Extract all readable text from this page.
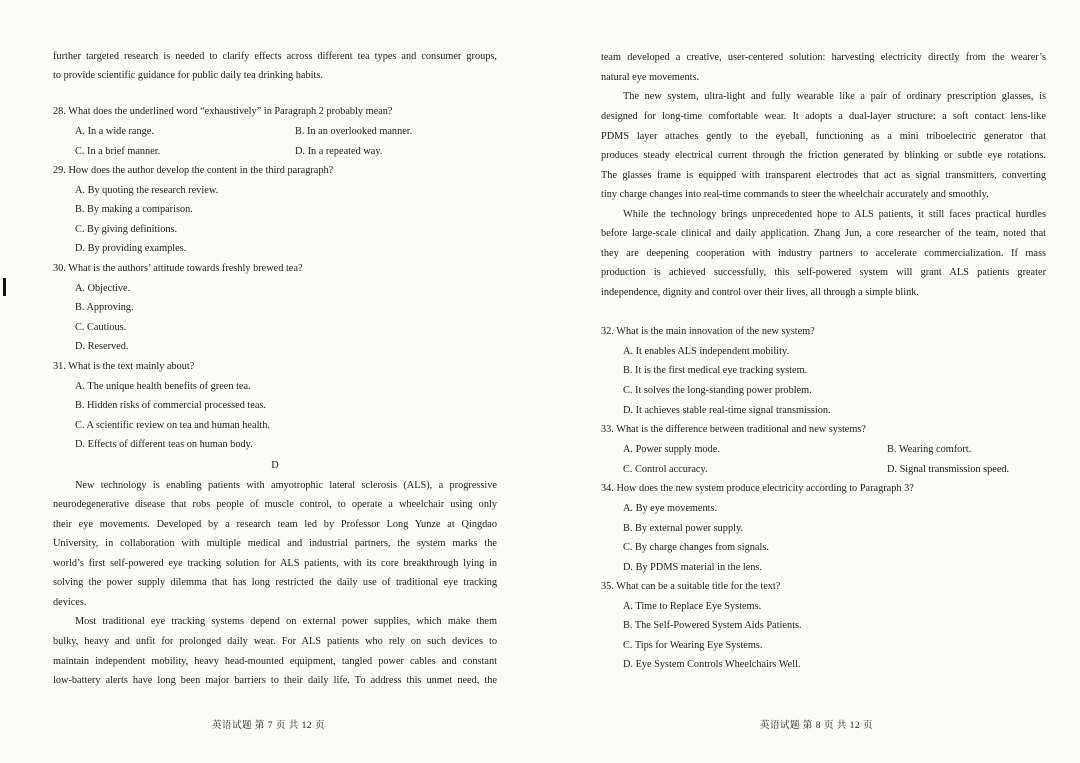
further targeted research is needed to clarify effects across different tea types and consumer groups,
to provide scientific guidance for public daily tea drinking habits.
28. What does the underlined word “exhaustively” in Paragraph 2 probably mean?
A. In a wide range.	B. In an overlooked manner.
C. In a brief manner.	D. In a repeated way.
29. How does the author develop the content in the third paragraph?
A. By quoting the research review.
B. By making a comparison.
C. By giving definitions.
D. By providing examples.
30. What is the authors’ attitude towards freshly brewed tea?
A. Objective.
B. Approving.
C. Cautious.
D. Reserved.
31. What is the text mainly about?
A. The unique health benefits of green tea.
B. Hidden risks of commercial processed teas.
C. A scientific review on tea and human health.
D. Effects of different teas on human body.
D
New technology is enabling patients with amyotrophic lateral sclerosis (ALS), a progressive
neurodegenerative disease that robs people of muscle control, to operate a wheelchair using only
their eye movements. Developed by a research team led by Professor Long Yunze at Qingdao
University, in collaboration with multiple medical and industrial partners, the system marks the
world’s first self-powered eye tracking solution for ALS patients, with its core breakthrough lying in
solving the power supply dilemma that has long restricted the daily use of traditional eye tracking
devices.
Most traditional eye tracking systems depend on external power supplies, which make them
bulky, heavy and unfit for prolonged daily wear. For ALS patients who rely on such devices to
maintain independent mobility, heavy head-mounted equipment, tangled power cables and constant
low-battery alerts have long been major barriers to their daily life. To address this unmet need, the
英语试题 第 7 页 共 12 页
team developed a creative, user-centered solution: harvesting electricity directly from the wearer’s
natural eye movements.
The new system, ultra-light and fully wearable like a pair of ordinary prescription glasses, is
designed for long-time comfortable wear. It adopts a dual-layer structure: a soft contact lens-like
PDMS layer attaches gently to the eyeball, functioning as a mini triboelectric generator that
produces steady electrical current through the friction generated by blinking or subtle eye rotations.
The glasses frame is equipped with transparent electrodes that act as signal transmitters, converting
tiny charge changes into real-time commands to steer the wheelchair accurately and smoothly.
While the technology brings unprecedented hope to ALS patients, it still faces practical hurdles
before large-scale clinical and daily application. Zhang Jun, a core researcher of the team, noted that
they are deepening cooperation with industry partners to accelerate commercialization. If mass
production is achieved successfully, this self-powered system will grant ALS patients greater
independence, dignity and control over their lives, all through a simple blink.
32. What is the main innovation of the new system?
A. It enables ALS independent mobility.
B. It is the first medical eye tracking system.
C. It solves the long-standing power problem.
D. It achieves stable real-time signal transmission.
33. What is the difference between traditional and new systems?
A. Power supply mode.	B. Wearing comfort.
C. Control accuracy.	D. Signal transmission speed.
34. How does the new system produce electricity according to Paragraph 3?
A. By eye movements.
B. By external power supply.
C. By charge changes from signals.
D. By PDMS material in the lens.
35. What can be a suitable title for the text?
A. Time to Replace Eye Systems.
B. The Self-Powered System Aids Patients.
C. Tips for Wearing Eye Systems.
D. Eye System Controls Wheelchairs Well.
英语试题 第 8 页 共 12 页
